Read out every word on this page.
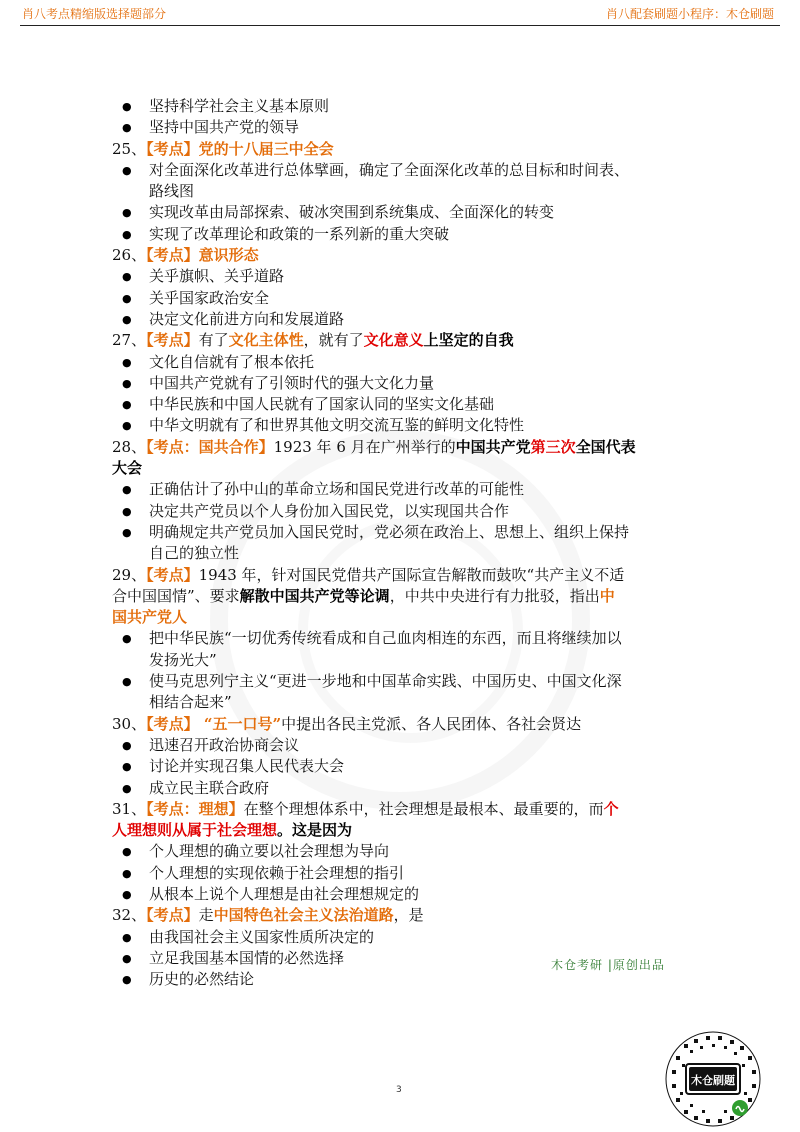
肖八考点精缩版选择题部分	肖八配套刷题小程序：木仓刷题
● 坚持科学社会主义基本原则
● 坚持中国共产党的领导
25、【考点】党的十八届三中全会
● 对全面深化改革进行总体擘画，确定了全面深化改革的总目标和时间表、
路线图
● 实现改革由局部探索、破冰突围到系统集成、全面深化的转变
● 实现了改革理论和政策的一系列新的重大突破
26、【考点】意识形态
● 关乎旗帜、关乎道路
● 关乎国家政治安全
● 决定文化前进方向和发展道路
27、【考点】有了文化主体性，就有了文化意义上坚定的自我
● 文化自信就有了根本依托
● 中国共产党就有了引领时代的强大文化力量
● 中华民族和中国人民就有了国家认同的坚实文化基础
● 中华文明就有了和世界其他文明交流互鉴的鲜明文化特性
28、【考点：国共合作】1923 年 6 月在广州举行的中国共产党第三次全国代表
大会
● 正确估计了孙中山的革命立场和国民党进行改革的可能性
● 决定共产党员以个人身份加入国民党，以实现国共合作
● 明确规定共产党员加入国民党时，党必须在政治上、思想上、组织上保持
自己的独立性
29、【考点】1943 年，针对国民党借共产国际宣告解散而鼓吹“共产主义不适
合中国国情”、要求解散中国共产党等论调，中共中央进行有力批驳，指出中
国共产党人
● 把中华民族“一切优秀传统看成和自己血肉相连的东西，而且将继续加以
发扬光大”
● 使马克思列宁主义“更进一步地和中国革命实践、中国历史、中国文化深
相结合起来”
30、【考点】 “五一口号”中提出各民主党派、各人民团体、各社会贤达
● 迅速召开政治协商会议
● 讨论并实现召集人民代表大会
● 成立民主联合政府
31、【考点：理想】在整个理想体系中，社会理想是最根本、最重要的，而个
人理想则从属于社会理想。这是因为
● 个人理想的确立要以社会理想为导向
● 个人理想的实现依赖于社会理想的指引
● 从根本上说个人理想是由社会理想规定的
32、【考点】走中国特色社会主义法治道路，是
● 由我国社会主义国家性质所决定的
● 立足我国基本国情的必然选择
● 历史的必然结论
木仓考研 |原创出品
3
木仓刷题
